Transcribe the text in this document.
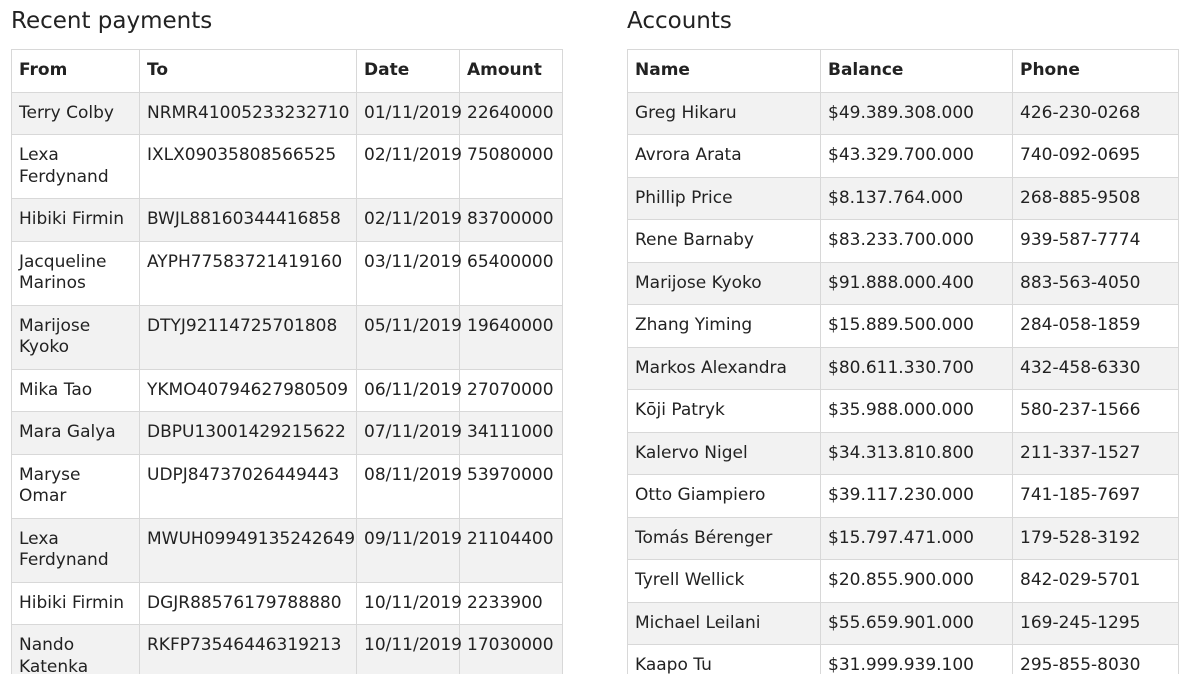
Recent payments
From	To	Date	Amount
Terry Colby	NRMR41005233232710	01/11/2019	22640000
Lexa Ferdynand	IXLX09035808566525	02/11/2019	75080000
Hibiki Firmin	BWJL88160344416858	02/11/2019	83700000
Jacqueline Marinos	AYPH77583721419160	03/11/2019	65400000
Marijose Kyoko	DTYJ92114725701808	05/11/2019	19640000
Mika Tao	YKMO40794627980509	06/11/2019	27070000
Mara Galya	DBPU13001429215622	07/11/2019	34111000
Maryse Omar	UDPJ84737026449443	08/11/2019	53970000
Lexa Ferdynand	MWUH09949135242649	09/11/2019	21104400
Hibiki Firmin	DGJR88576179788880	10/11/2019	2233900
Nando Katenka	RKFP73546446319213	10/11/2019	17030000
Accounts
Name	Balance	Phone
Greg Hikaru	$49.389.308.000	426-230-0268
Avrora Arata	$43.329.700.000	740-092-0695
Phillip Price	$8.137.764.000	268-885-9508
Rene Barnaby	$83.233.700.000	939-587-7774
Marijose Kyoko	$91.888.000.400	883-563-4050
Zhang Yiming	$15.889.500.000	284-058-1859
Markos Alexandra	$80.611.330.700	432-458-6330
Kōji Patryk	$35.988.000.000	580-237-1566
Kalervo Nigel	$34.313.810.800	211-337-1527
Otto Giampiero	$39.117.230.000	741-185-7697
Tomás Bérenger	$15.797.471.000	179-528-3192
Tyrell Wellick	$20.855.900.000	842-029-5701
Michael Leilani	$55.659.901.000	169-245-1295
Kaapo Tu	$31.999.939.100	295-855-8030
